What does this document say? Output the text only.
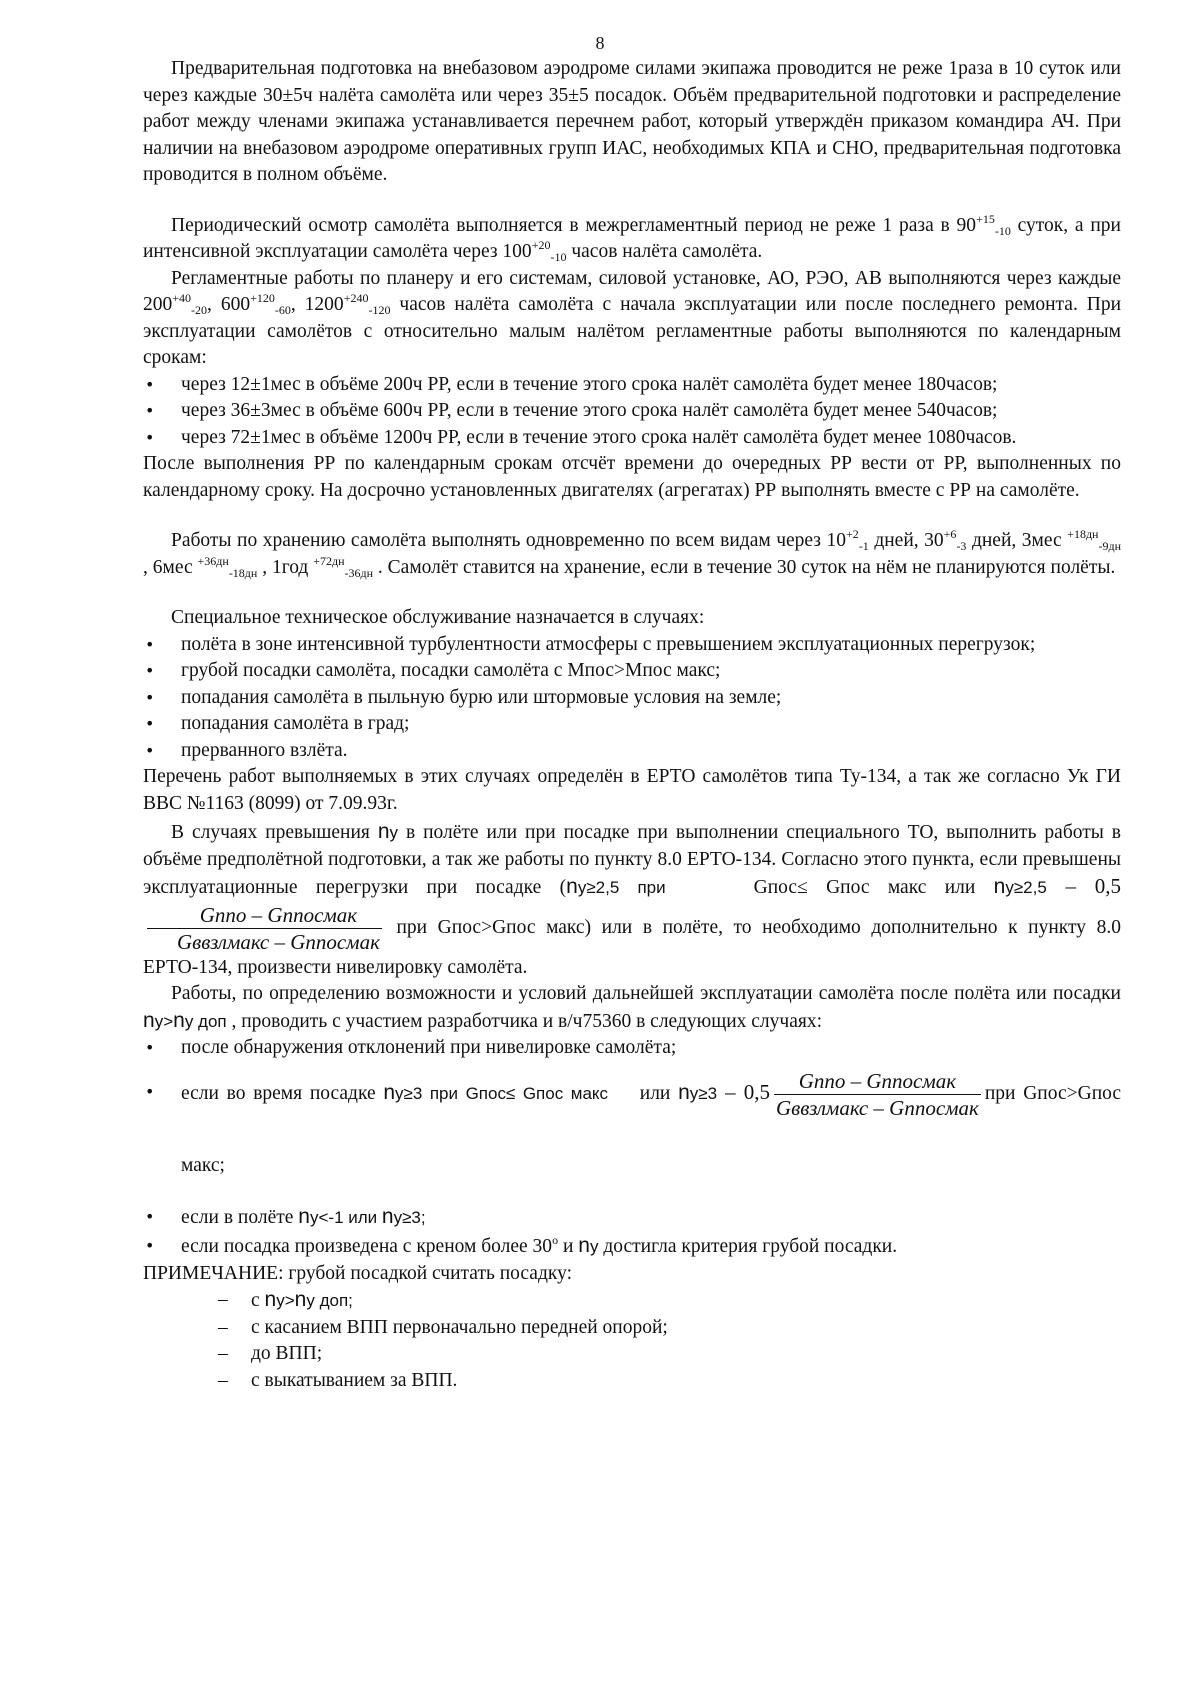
8

Предварительная подготовка на внебазовом аэродроме силами экипажа проводится не реже 1раза в 10 суток или через каждые 30±5ч налёта самолёта или через 35±5 посадок. Объём предварительной подготовки и распределение работ между членами экипажа устанавливается перечнем работ, который утверждён приказом командира АЧ. При наличии на внебазовом аэродроме оперативных групп ИАС, необходимых КПА и СНО, предварительная подготовка проводится в полном объёме.

Периодический осмотр самолёта выполняется в межрегламентный период не реже 1 раза в $90^{+15}_{-10}$ суток, а при интенсивной эксплуатации самолёта через $100^{+20}_{-10}$ часов налёта самолёта.

Регламентные работы по планеру и его системам, силовой установке, АО, РЭО, АВ выполняются через каждые $200^{+40}_{-20}$, $600^{+120}_{-60}$, $1200^{+240}_{-120}$ часов налёта самолёта с начала эксплуатации или после последнего ремонта. При эксплуатации самолётов с относительно малым налётом регламентные работы выполняются по календарным срокам:

• через 12±1мес в объёме 200ч РР, если в течение этого срока налёт самолёта будет менее 180часов;
• через 36±3мес в объёме 600ч РР, если в течение этого срока налёт самолёта будет менее 540часов;
• через 72±1мес в объёме 1200ч РР, если в течение этого срока налёт самолёта будет менее 1080часов.

После выполнения РР по календарным срокам отсчёт времени до очередных РР вести от РР, выполненных по календарному сроку. На досрочно установленных двигателях (агрегатах) РР выполнять вместе с РР на самолёте.

Работы по хранению самолёта выполнять одновременно по всем видам через $10^{+2}_{-1}$ дней, $30^{+6}_{-3}$ дней, 3мес $^{+18дн}_{-9дн}$ , 6мес $^{+36дн}_{-18дн}$ , 1год $^{+72дн}_{-36дн}$ . Самолёт ставится на хранение, если в течение 30 суток на нём не планируются полёты.

Специальное техническое обслуживание назначается в случаях:

• полёта в зоне интенсивной турбулентности атмосферы с превышением эксплуатационных перегрузок;
• грубой посадки самолёта, посадки самолёта с Мпос>Мпос макс;
• попадания самолёта в пыльную бурю или штормовые условия на земле;
• попадания самолёта в град;
• прерванного взлёта.

Перечень работ выполняемых в этих случаях определён в ЕРТО самолётов типа Ту-134, а так же согласно Ук ГИ ВВС №1163 (8099) от 7.09.93г.

В случаях превышения nу в полёте или при посадке при выполнении специального ТО, выполнить работы в объёме предполётной подготовки, а так же работы по пункту 8.0 ЕРТО-134. Согласно этого пункта, если превышены эксплуатационные перегрузки при посадке (nу≥2,5 при	Gпос≤ Gпос макс или nу≥2,5 – 0,5
$\frac{\text{Gnno – Gnnосмак}}{\text{Gввзлмакс – Gnnосмак}}$ при Gпос>Gпос макс) или в полёте, то необходимо дополнительно к пункту 8.0 ЕРТО-134, произвести нивелировку самолёта.

Работы, по определению возможности и условий дальнейшей эксплуатации самолёта после полёта или посадки nу>nу доп , проводить с участием разработчика и в/ч75360 в следующих случаях:

• после обнаружения отклонений при нивелировке самолёта;
• если во время посадке nу≥3 при Gпос≤ Gпос макс или $nу\ge 3 - 0,5 \frac{\text{Gnno – Gnnосмак}}{\text{Gввзлмакс – Gnnосмак}}$ при Gпос>Gпос макс;
• если в полёте nу<-1 или nу≥3;
• если посадка произведена с креном более $30^о$ и nу достигла критерия грубой посадки.

ПРИМЕЧАНИЕ: грубой посадкой считать посадку:

– с nу>nу доп;
– с касанием ВПП первоначально передней опорой;
– до ВПП;
– с выкатыванием за ВПП.
